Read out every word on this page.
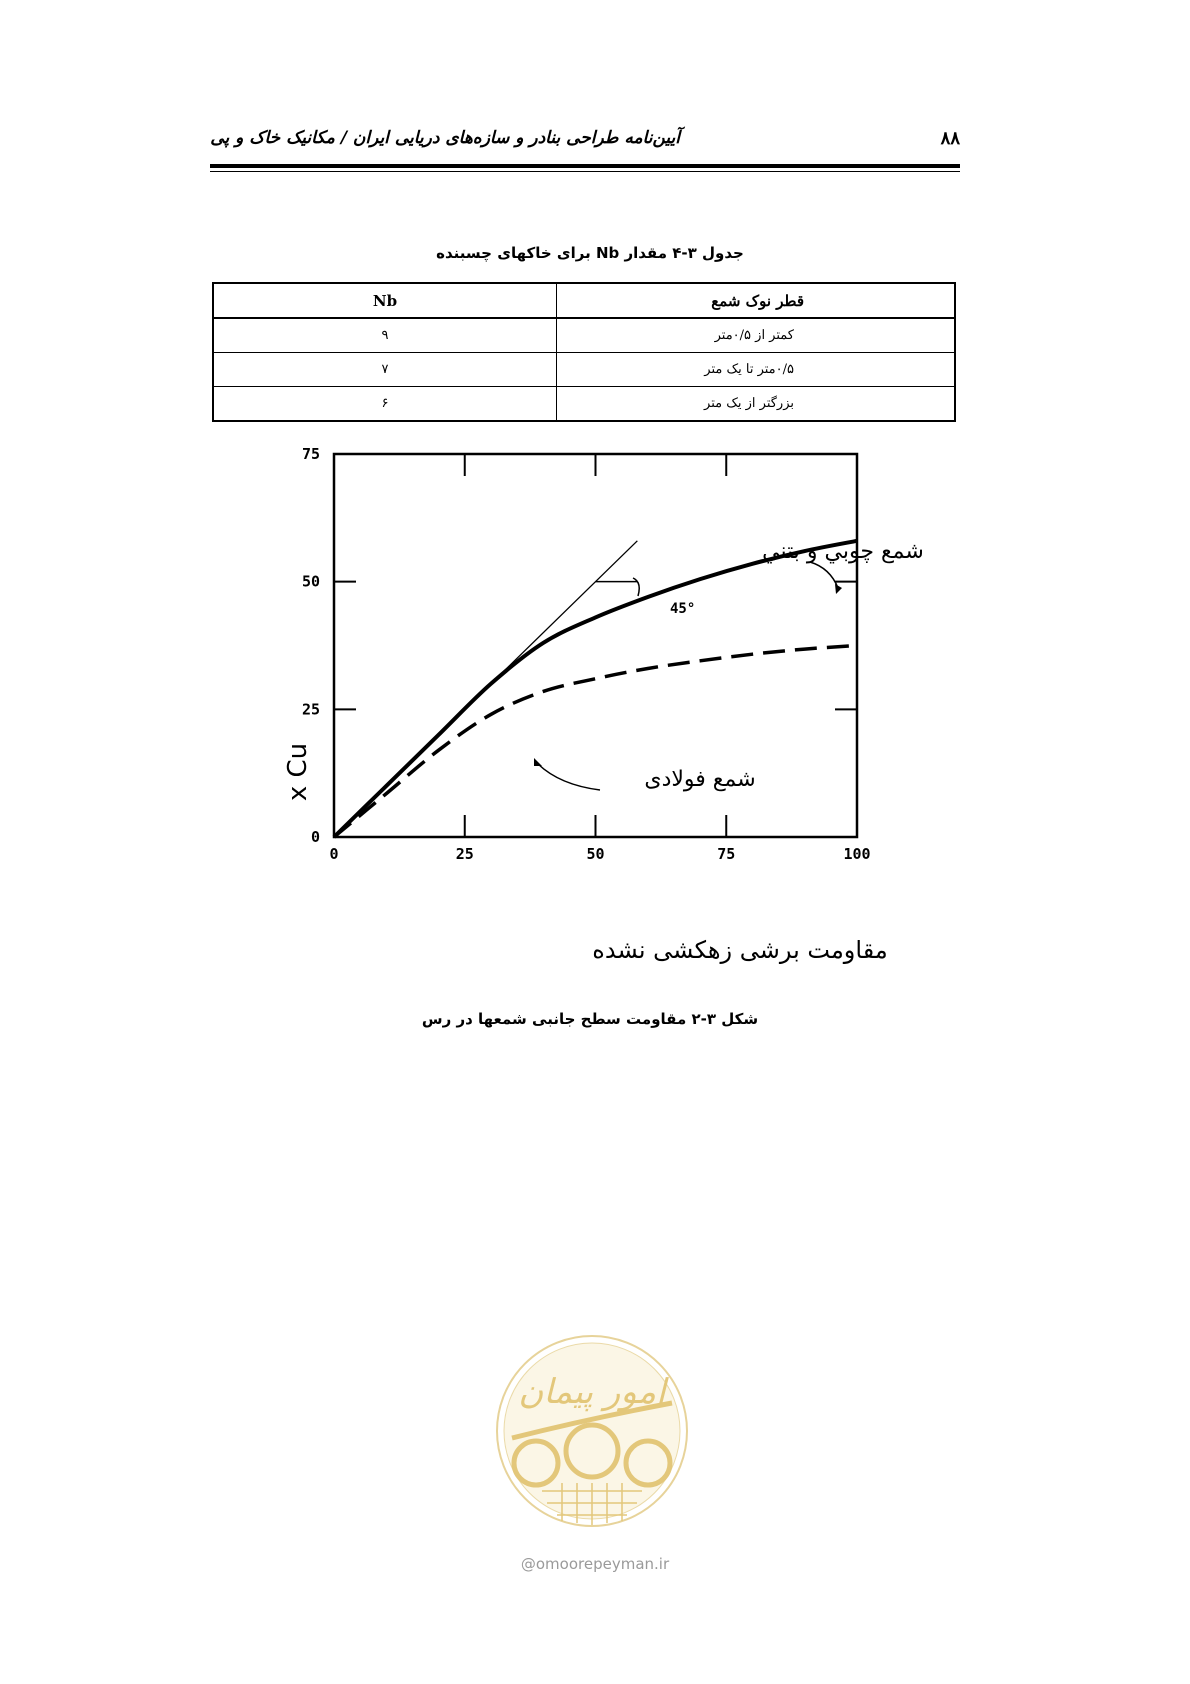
آیین‌نامه طراحی بنادر و سازه‌های دریایی ایران / مکانیک خاک و پی	۸۸
جدول ۳-۴ مقدار Nb برای خاکهای چسبنده
Nb	قطر نوک شمع
۹	کمتر از ۰/۵متر
۷	۰/۵متر تا یک متر
۶	بزرگتر از یک متر
0	25	50	75	100
0
25
50
75
x Cu
مقاومت برشی زهکشی نشده
شمع چوبي و بتني
شمع فولادی
45°
شکل ۳-۲ مقاومت سطح جانبی شمعها در رس
امور پیمان
@omoorepeyman.ir
